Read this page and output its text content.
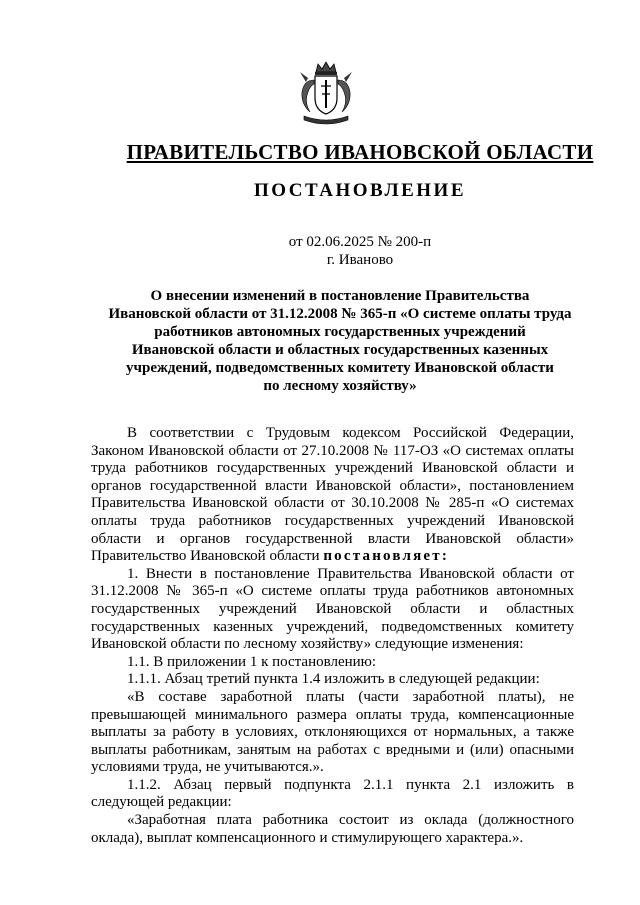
ПРАВИТЕЛЬСТВО ИВАНОВСКОЙ ОБЛАСТИ
ПОСТАНОВЛЕНИЕ
от 02.06.2025 № 200-п
г. Иваново
О внесении изменений в постановление Правительства
Ивановской области от 31.12.2008 № 365-п «О системе оплаты труда
работников автономных государственных учреждений
Ивановской области и областных государственных казенных
учреждений, подведомственных комитету Ивановской области
по лесному хозяйству»

В соответствии с Трудовым кодексом Российской Федерации, Законом Ивановской области от 27.10.2008 № 117-ОЗ «О системах оплаты труда работников государственных учреждений Ивановской области и органов государственной власти Ивановской области», постановлением Правительства Ивановской области от 30.10.2008 № 285-п «О системах оплаты труда работников государственных учреждений Ивановской области и органов государственной власти Ивановской области» Правительство Ивановской области постановляет:

1. Внести в постановление Правительства Ивановской области от 31.12.2008 № 365-п «О системе оплаты труда работников автономных государственных учреждений Ивановской области и областных государственных казенных учреждений, подведомственных комитету Ивановской области по лесному хозяйству» следующие изменения:

1.1. В приложении 1 к постановлению:

1.1.1. Абзац третий пункта 1.4 изложить в следующей редакции:

«В составе заработной платы (части заработной платы), не превышающей минимального размера оплаты труда, компенсационные выплаты за работу в условиях, отклоняющихся от нормальных, а также выплаты работникам, занятым на работах с вредными и (или) опасными условиями труда, не учитываются.».

1.1.2. Абзац первый подпункта 2.1.1 пункта 2.1 изложить в следующей редакции:

«Заработная плата работника состоит из оклада (должностного оклада), выплат компенсационного и стимулирующего характера.».
